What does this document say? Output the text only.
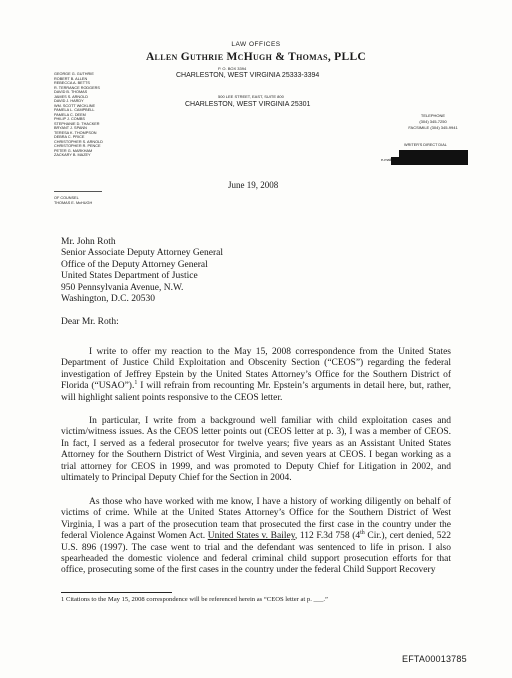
LAW OFFICES
Allen Guthrie McHugh & Thomas, PLLC
P. O. BOX 3394
CHARLESTON, WEST VIRGINIA 25333-3394
500 LEE STREET, EAST, SUITE 800
CHARLESTON, WEST VIRGINIA 25301
GEORGE G. GUTHRIE
ROBERT B. ALLEN
REBECCA A. BETTS
R. TERRANCE RODGERS
DAVID B. THOMAS
JAMES S. ARNOLD
DAVID J. HARDY
WM. SCOTT WICKLINE
PAMELA L. CAMPBELL
PAMELA C. DEEM
PHILIP J. COMBS
STEPHANIE D. THACKER
BRYANT J. SPANN
TERESA K. THOMPSON
DEBRA C. PRICE
CHRISTOPHER S. ARNOLD
CHRISTOPHER R. PENCE
PETER G. MARKHAM
ZACKARY B. MAZEY
OF COUNSEL
THOMAS E. McHUGH
TELEPHONE
(304) 345-7250
FACSIMILE (304) 345-9941
WRITER'S DIRECT DIAL
e-mail
June 19, 2008
Mr. John Roth
Senior Associate Deputy Attorney General
Office of the Deputy Attorney General
United States Department of Justice
950 Pennsylvania Avenue, N.W.
Washington, D.C. 20530
Dear Mr. Roth:
I write to offer my reaction to the May 15, 2008 correspondence from the United States Department of Justice Child Exploitation and Obscenity Section (“CEOS”) regarding the federal investigation of Jeffrey Epstein by the United States Attorney’s Office for the Southern District of Florida (“USAO”).$^1$ I will refrain from recounting Mr. Epstein’s arguments in detail here, but, rather, will highlight salient points responsive to the CEOS letter.
In particular, I write from a background well familiar with child exploitation cases and victim/witness issues. As the CEOS letter points out (CEOS letter at p. 3), I was a member of CEOS. In fact, I served as a federal prosecutor for twelve years; five years as an Assistant United States Attorney for the Southern District of West Virginia, and seven years at CEOS. I began working as a trial attorney for CEOS in 1999, and was promoted to Deputy Chief for Litigation in 2002, and ultimately to Principal Deputy Chief for the Section in 2004.
As those who have worked with me know, I have a history of working diligently on behalf of victims of crime. While at the United States Attorney’s Office for the Southern District of West Virginia, I was a part of the prosecution team that prosecuted the first case in the country under the federal Violence Against Women Act. United States v. Bailey, 112 F.3d 758 (4th Cir.), cert denied, 522 U.S. 896 (1997). The case went to trial and the defendant was sentenced to life in prison. I also spearheaded the domestic violence and federal criminal child support prosecution efforts for that office, prosecuting some of the first cases in the country under the federal Child Support Recovery
1 Citations to the May 15, 2008 correspondence will be referenced herein as “CEOS letter at p. ___.”
EFTA00013785
